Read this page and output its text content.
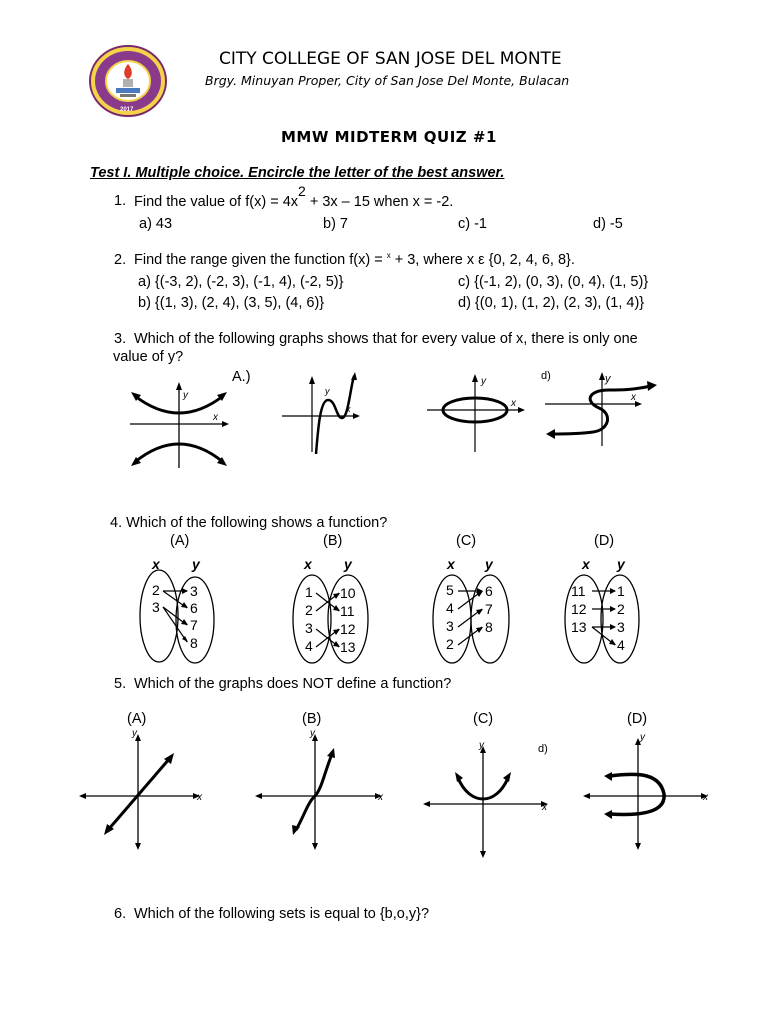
2017
CITY COLLEGE OF SAN JOSE DEL MONTE
Brgy. Minuyan Proper, City of San Jose Del Monte, Bulacan
MMW MIDTERM QUIZ #1
Test I. Multiple choice. Encircle the letter of the best answer.
1. Find the value of f(x) = 4x2 + 3x – 15 when x = -2.
a) 43	b) 7	c) -1	d) -5
2. Find the range given the function f(x) = $^x$ + 3, where x ε {0, 2, 4, 6, 8}.
a) {(-3, 2), (-2, 3), (-1, 4), (-2, 5)}	c) {(-1, 2), (0, 3), (0, 4), (1, 5)}
b) {(1, 3), (2, 4), (3, 5), (4, 6)}	d) {(0, 1), (1, 2), (2, 3), (1, 4)}
3. Which of the following graphs shows that for every value of x, there is only one
value of y?
A.)
y
x
y
x
y
x
d)	y
x
4. Which of the following shows a function?
(A)	(B)	(C)	(D)
x y
2
3
3
6
7
8
x y
1
2
3
4
10
11
12
13
x y
5
4
3
2
6
7
8
x y
11
12
13
1
2
3
4
5. Which of the graphs does NOT define a function?
(A)	(B)	(C)	(D)
x
y
x
y
x
y	d)
x
y
6. Which of the following sets is equal to {b,o,y}?
